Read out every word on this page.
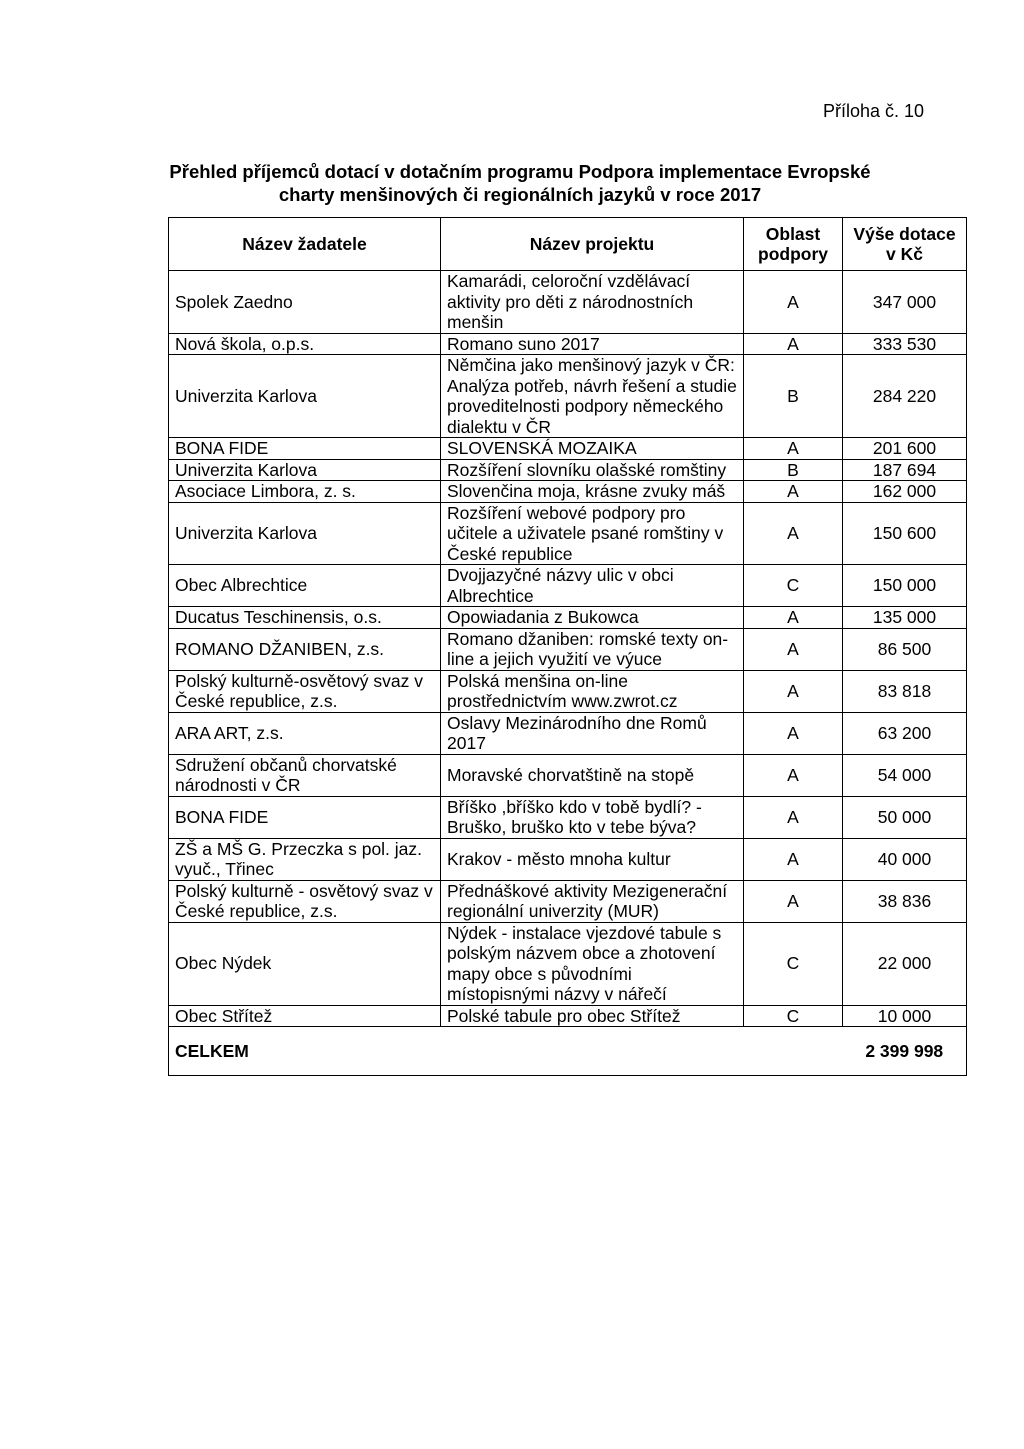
Příloha č. 10
Přehled příjemců dotací v dotačním programu Podpora implementace Evropské charty menšinových či regionálních jazyků v roce 2017
Název žadatele	Název projektu	Oblast podpory	Výše dotace v Kč
Spolek Zaedno	Kamarádi, celoroční vzdělávací aktivity pro děti z národnostních menšin	A	347 000
Nová škola, o.p.s.	Romano suno 2017	A	333 530
Univerzita Karlova	Němčina jako menšinový jazyk v ČR: Analýza potřeb, návrh řešení a studie proveditelnosti podpory německého dialektu v ČR	B	284 220
BONA FIDE	SLOVENSKÁ MOZAIKA	A	201 600
Univerzita Karlova	Rozšíření slovníku olašské romštiny	B	187 694
Asociace Limbora, z. s.	Slovenčina moja, krásne zvuky máš	A	162 000
Univerzita Karlova	Rozšíření webové podpory pro učitele a uživatele psané romštiny v České republice	A	150 600
Obec Albrechtice	Dvojjazyčné názvy ulic v obci Albrechtice	C	150 000
Ducatus Teschinensis, o.s.	Opowiadania z Bukowca	A	135 000
ROMANO DŽANIBEN, z.s.	Romano džaniben: romské texty on-line a jejich využití ve výuce	A	86 500
Polský kulturně-osvětový svaz v České republice, z.s.	Polská menšina on-line prostřednictvím www.zwrot.cz	A	83 818
ARA ART, z.s.	Oslavy Mezinárodního dne Romů 2017	A	63 200
Sdružení občanů chorvatské národnosti v ČR	Moravské chorvatštině na stopě	A	54 000
BONA FIDE	Bříško ,bříško kdo v tobě bydlí? - Bruško, bruško kto v tebe býva?	A	50 000
ZŠ a MŠ G. Przeczka s pol. jaz. vyuč., Třinec	Krakov - město mnoha kultur	A	40 000
Polský kulturně - osvětový svaz v České republice, z.s.	Přednáškové aktivity Mezigenerační regionální univerzity (MUR)	A	38 836
Obec Nýdek	Nýdek - instalace vjezdové tabule s polským názvem obce a zhotovení mapy obce s původními místopisnými názvy v nářečí	C	22 000
Obec Střítež	Polské tabule pro obec Střítež	C	10 000
CELKEM			2 399 998
